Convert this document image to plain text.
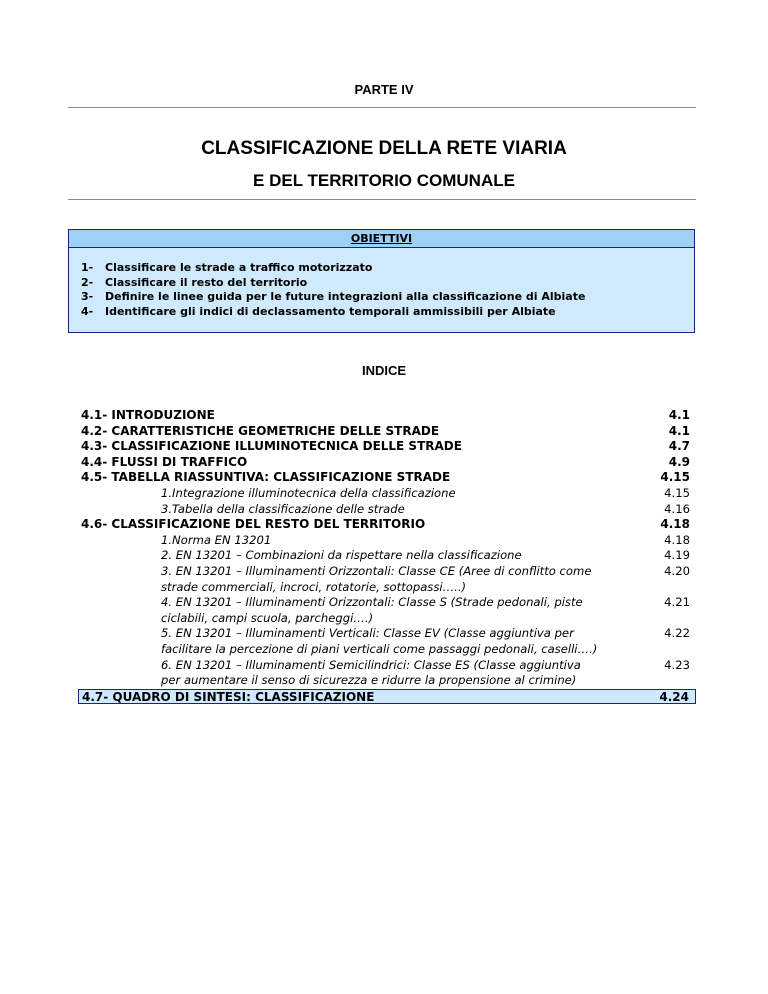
PARTE IV
CLASSIFICAZIONE DELLA RETE VIARIA
E DEL TERRITORIO COMUNALE
OBIETTIVI
1- Classificare le strade a traffico motorizzato
2- Classificare il resto del territorio
3- Definire le linee guida per le future integrazioni alla classificazione di Albiate
4- Identificare gli indici di declassamento temporali ammissibili per Albiate
INDICE
4.1- INTRODUZIONE	4.1
4.2- CARATTERISTICHE GEOMETRICHE DELLE STRADE	4.1
4.3- CLASSIFICAZIONE ILLUMINOTECNICA DELLE STRADE	4.7
4.4- FLUSSI DI TRAFFICO	4.9
4.5- TABELLA RIASSUNTIVA: CLASSIFICAZIONE STRADE	4.15
1.Integrazione illuminotecnica della classificazione	4.15
3.Tabella della classificazione delle strade	4.16
4.6- CLASSIFICAZIONE DEL RESTO DEL TERRITORIO	4.18
1.Norma EN 13201	4.18
2. EN 13201 – Combinazioni da rispettare nella classificazione	4.19
3. EN 13201 – Illuminamenti Orizzontali: Classe CE (Aree di conflitto come	4.20
strade commerciali, incroci, rotatorie, sottopassi…..)
4. EN 13201 – Illuminamenti Orizzontali: Classe S (Strade pedonali, piste	4.21
ciclabili, campi scuola, parcheggi….)
5. EN 13201 – Illuminamenti Verticali: Classe EV (Classe aggiuntiva per	4.22
facilitare la percezione di piani verticali come passaggi pedonali, caselli….)
6. EN 13201 – Illuminamenti Semicilindrici: Classe ES (Classe aggiuntiva	4.23
per aumentare il senso di sicurezza e ridurre la propensione al crimine)
4.7- QUADRO DI SINTESI: CLASSIFICAZIONE	4.24
